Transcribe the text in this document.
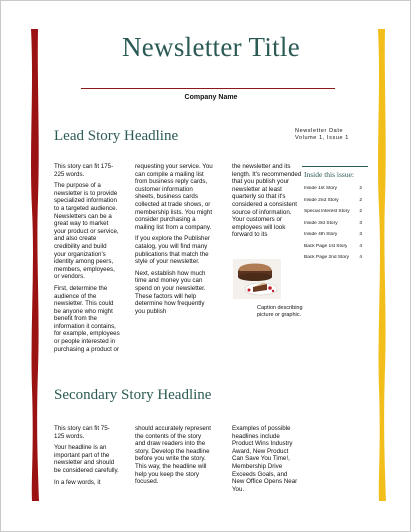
Newsletter Title
Company Name
Lead Story Headline	Newsletter Date
Volume 1, Issue 1

This story can fit 175-225 words.

The purpose of a newsletter is to provide specialized information to a targeted audience. Newsletters can be a great way to market your product or service, and also create credibility and build your organization's identity among peers, members, employees, or vendors.

First, determine the audience of the newsletter. This could be anyone who might benefit from the information it contains, for example, employees or people interested in purchasing a product or

requesting your service. You can compile a mailing list from business reply cards, customer information sheets, business cards collected at trade shows, or membership lists. You might consider purchasing a mailing list from a company.

If you explore the Publisher catalog, you will find many publications that match the style of your newsletter.

Next, establish how much time and money you can spend on your newsletter. These factors will help determine how frequently you publish

the newsletter and its length. It's recommended that you publish your newsletter at least quarterly so that it's considered a consistent source of information. Your customers or employees will look forward to its

Caption describing picture or graphic.
Inside this issue:
Inside 1st Story	2
Inside 2nd Story	2
Special Interest Story 2
Inside 3rd Story	3
Inside 4th Story	3
Back Page 1st Story 4
Back Page 2nd Story 4
Secondary Story Headline

This story can fit 75-125 words.

Your headline is an important part of the newsletter and should be considered carefully.

In a few words, it

should accurately represent the contents of the story and draw readers into the story. Develop the headline before you write the story. This way, the headline will help you keep the story focused.

Examples of possible headlines include Product Wins Industry Award, New Product Can Save You Time!, Membership Drive Exceeds Goals, and New Office Opens Near You.
